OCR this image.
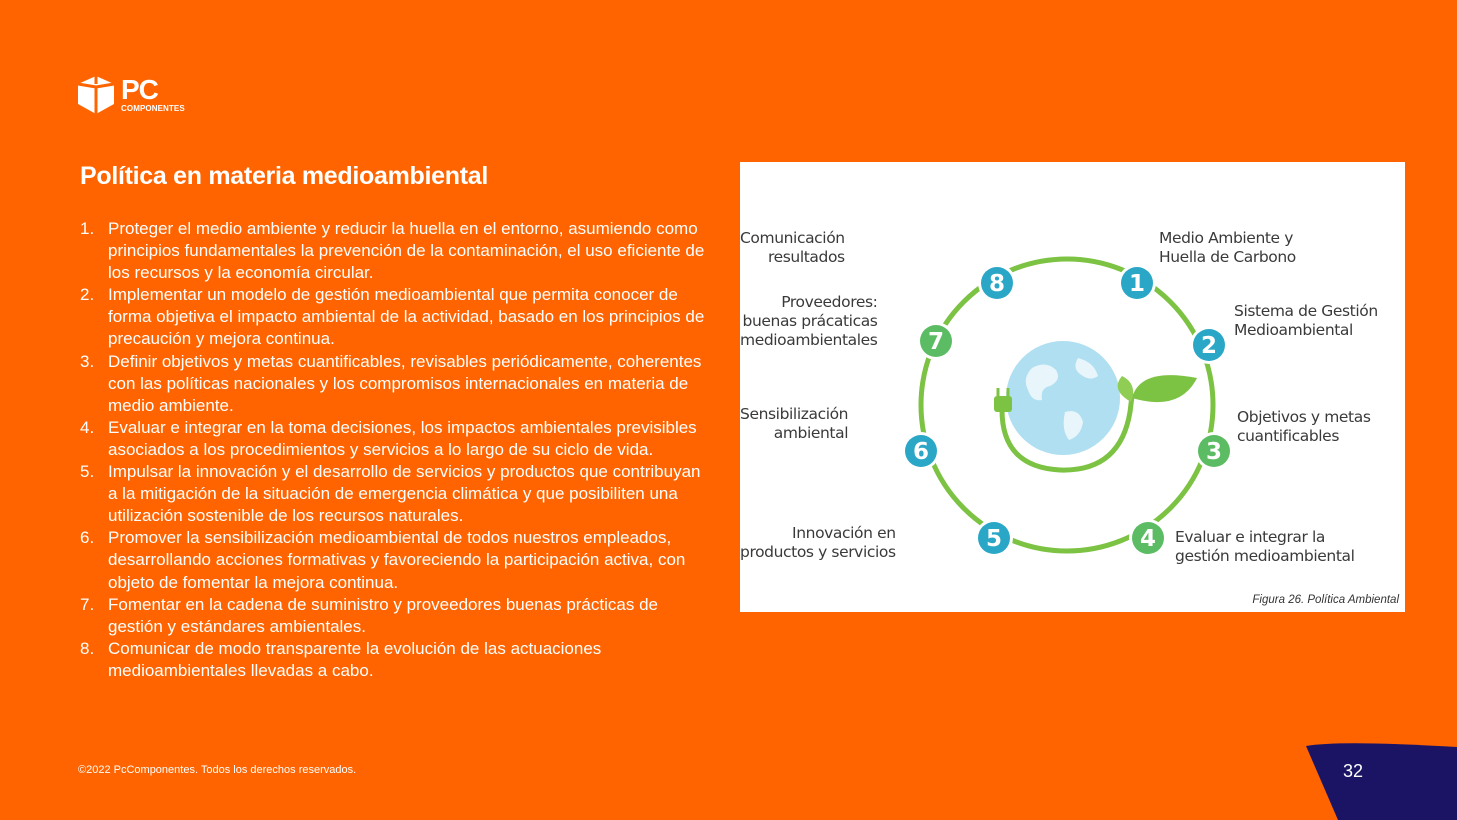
PC
COMPONENTES
Política en materia medioambiental
1. Proteger el medio ambiente y reducir la huella en el entorno, asumiendo como principios fundamentales la prevención de la contaminación, el uso eficiente de los recursos y la economía circular.
2. Implementar un modelo de gestión medioambiental que permita conocer de forma objetiva el impacto ambiental de la actividad, basado en los principios de precaución y mejora continua.
3. Definir objetivos y metas cuantificables, revisables periódicamente, coherentes con las políticas nacionales y los compromisos internacionales en materia de medio ambiente.
4. Evaluar e integrar en la toma decisiones, los impactos ambientales previsibles asociados a los procedimientos y servicios a lo largo de su ciclo de vida.
5. Impulsar la innovación y el desarrollo de servicios y productos que contribuyan a la mitigación de la situación de emergencia climática y que posibiliten una utilización sostenible de los recursos naturales.
6. Promover la sensibilización medioambiental de todos nuestros empleados, desarrollando acciones formativas y favoreciendo la participación activa, con objeto de fomentar la mejora continua.
7. Fomentar en la cadena de suministro y proveedores buenas prácticas de gestión y estándares ambientales.
8. Comunicar de modo transparente la evolución de las actuaciones medioambientales llevadas a cabo.
1
2
3
4
5
6
7
8
Medio Ambiente y
Huella de Carbono
Sistema de Gestión
Medioambiental
Objetivos y metas
cuantificables
Evaluar e integrar la
gestión medioambiental
Innovación en
productos y servicios
Sensibilización
ambiental
Proveedores:
buenas prácaticas
medioambientales
Comunicación
resultados
Figura 26. Política Ambiental
©2022 PcComponentes. Todos los derechos reservados.	32
